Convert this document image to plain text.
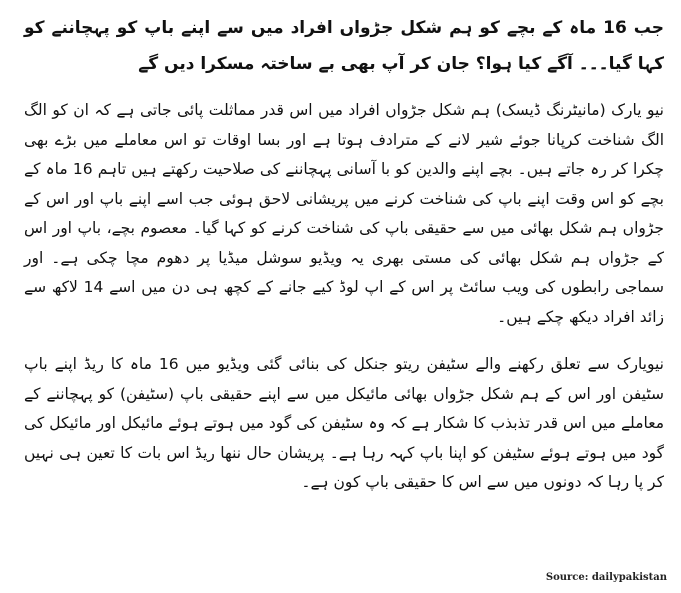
جب 16 ماہ کے بچے کو ہم شکل جڑواں افراد میں سے اپنے باپ کو پہچاننے کو کہا گیا۔۔۔ آگے کیا ہوا؟ جان کر آپ بھی بے ساختہ مسکرا دیں گے

نیو یارک (مانیٹرنگ ڈیسک) ہم شکل جڑواں افراد میں اس قدر مماثلت پائی جاتی ہے کہ ان کو الگ الگ شناخت کرپانا جوئے شیر لانے کے مترادف ہوتا ہے اور بسا اوقات تو اس معاملے میں بڑے بھی چکرا کر رہ جاتے ہیں۔ بچے اپنے والدین کو با آسانی پہچاننے کی صلاحیت رکھتے ہیں تاہم 16 ماہ کے بچے کو اس وقت اپنے باپ کی شناخت کرنے میں پریشانی لاحق ہوئی جب اسے اپنے باپ اور اس کے جڑواں ہم شکل بھائی میں سے حقیقی باپ کی شناخت کرنے کو کہا گیا۔ معصوم بچے، باپ اور اس کے جڑواں ہم شکل بھائی کی مستی بھری یہ ویڈیو سوشل میڈیا پر دھوم مچا چکی ہے۔ اور سماجی رابطوں کی ویب سائٹ پر اس کے اپ لوڈ کیے جانے کے کچھ ہی دن میں اسے 14 لاکھ سے زائد افراد دیکھ چکے ہیں۔

نیویارک سے تعلق رکھنے والے سٹیفن ریتو جنکل کی بنائی گئی ویڈیو میں 16 ماہ کا ریڈ اپنے باپ سٹیفن اور اس کے ہم شکل جڑواں بھائی مائیکل میں سے اپنے حقیقی باپ (سٹیفن) کو پہچاننے کے معاملے میں اس قدر تذبذب کا شکار ہے کہ وہ سٹیفن کی گود میں ہوتے ہوئے مائیکل اور مائیکل کی گود میں ہوتے ہوئے سٹیفن کو اپنا باپ کہہ رہا ہے۔ پریشان حال ننھا ریڈ اس بات کا تعین ہی نہیں کر پا رہا کہ دونوں میں سے اس کا حقیقی باپ کون ہے۔

Source: dailypakistan
